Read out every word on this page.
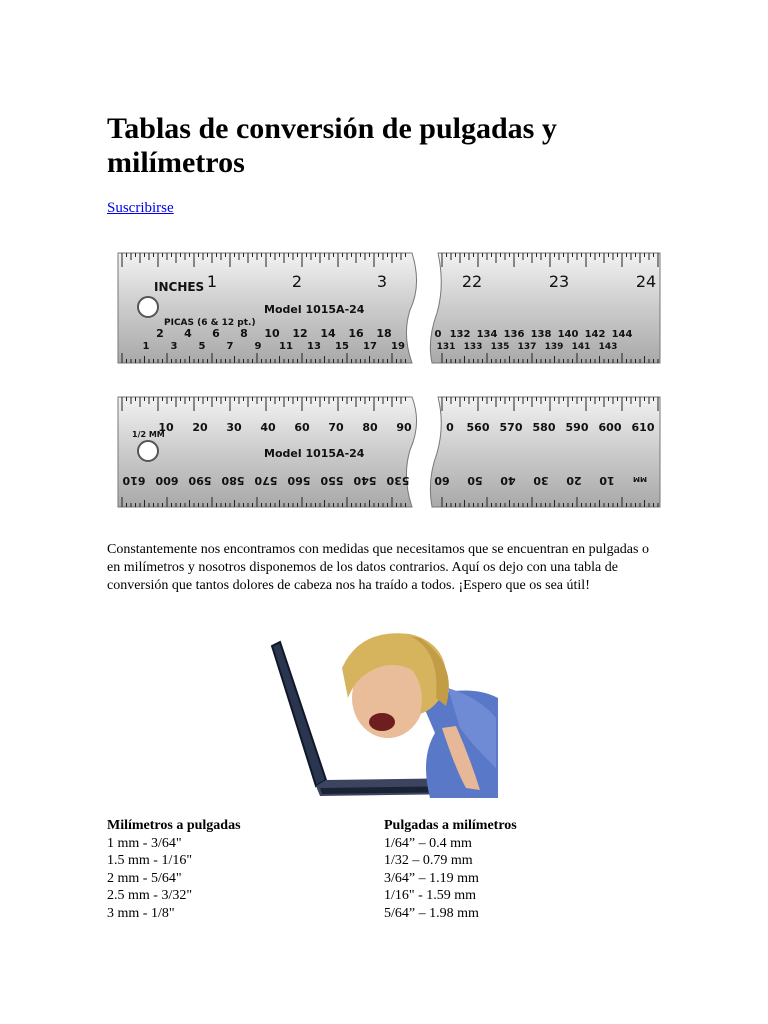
Tablas de conversión de pulgadas y milímetros
Suscribirse
INCHES
Model 1015A-24
Model 1015A-24
PICAS (6 & 12 pt.)
1/2 MM
1	2	3	22	23	24
2 4 6 8 10 12 14 16 18
1 3 5 7 9 11 13 15 17 19
0 132 134 136 138 140 142 144
131 133 135 137 139 141 143
10 20 30 40 60 70 80 90	0 560 570 580 590 600 610
610 600 590 580 570 560 550 540 530 60 50 40 30 20 10	MM

Constantemente nos encontramos con medidas que necesitamos que se encuentran en pulgadas o en milímetros y nosotros disponemos de los datos contrarios. Aquí os dejo con una tabla de conversión que tantos dolores de cabeza nos ha traído a todos. ¡Espero que os sea útil!

Milímetros a pulgadas
1 mm - 3/64"
1.5 mm - 1/16"
2 mm - 5/64"
2.5 mm - 3/32"
3 mm - 1/8"
Pulgadas a milímetros
1/64” – 0.4 mm
1/32 – 0.79 mm
3/64” – 1.19 mm
1/16" - 1.59 mm
5/64” – 1.98 mm
